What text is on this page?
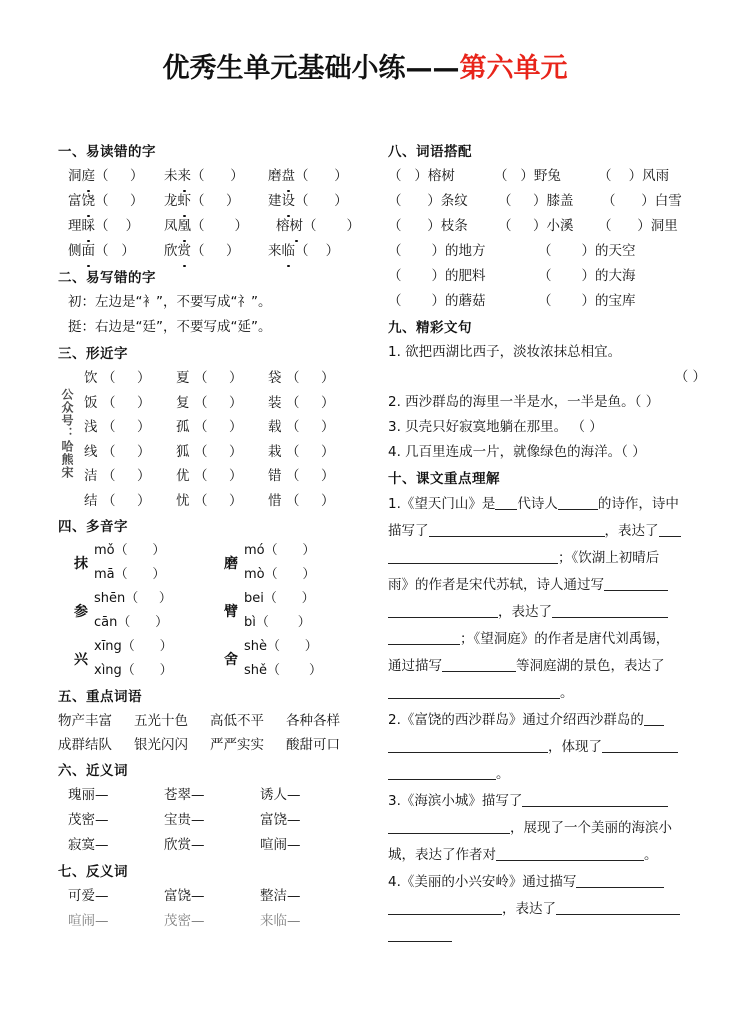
优秀生单元基础小练——第六单元
一、易读错的字
洞 庭 （     ） 未 来 （      ） 磨 盘 （      ）
富 饶 （     ） 龙 虾 （     ） 建 设 （      ）
理 睬 （    ） 凤 凰 （       ） 榕 树 （       ）
侧 面 （   ） 欣 赏 （     ） 来 临 （    ）
二、易写错的字
初：左边是“衤”，不要写成“礻”。
挺：右边是“廷”，不要写成“延”。
三、形近字
公众号：哈熊宋
饮 （     ） 夏 （     ） 袋 （     ）
饭 （     ） 复 （     ） 装 （     ）
浅 （     ） 孤 （     ） 载 （     ）
线 （     ） 狐 （     ） 栽 （     ）
洁 （     ） 优 （     ） 错 （     ）
结 （     ） 忧 （     ） 惜 （     ）
四、多音字
抹
mǒ（      ）
mā（      ）
磨
mó（      ）
mò（      ）
参
shēn（     ）
cān（      ）
臂
bei（      ）
bì（       ）
兴
xīng（      ）
xìng（      ）
舍
shè（      ）
shě（       ）
五、重点词语
物产丰富	五光十色	高低不平	各种各样
成群结队	银光闪闪	严严实实	酸甜可口
六、近义词
瑰丽—	苍翠—	诱人—
茂密—	宝贵—	富饶—
寂寞—	欣赏—	喧闹—
七、反义词
可爱—	富饶—	整洁—
喧闹—	茂密—	来临—
八、词语搭配
（   ） 榕树	（   ） 野兔	（    ） 风雨
（      ） 条纹 （     ） 膝盖 （      ） 白雪
（      ） 枝条 （     ） 小溪 （      ） 洞里
（       ） 的地方	（       ） 的天空
（       ） 的肥料	（       ） 的大海
（       ） 的蘑菇	（       ） 的宝库
九、精彩文句
1. 欲把西湖比西子，淡妆浓抹总相宜。
（ ）
2. 西沙群岛的海里一半是水，一半是鱼。（ ）
3. 贝壳只好寂寞地躺在那里。 （ ）
4. 几百里连成一片，就像绿色的海洋。（ ）
十、课文重点理解

1.《望天门山》是 代诗人	的诗作，诗中

描写了	，表达了

；《饮湖上初晴后

雨》的作者是宋代苏轼，诗人通过写

，表达了

；《望洞庭》的作者是唐代刘禹锡，

通过描写	等洞庭湖的景色，表达了

。

2.《富饶的西沙群岛》通过介绍西沙群岛的

，体现了

。

3.《海滨小城》描写了

，展现了一个美丽的海滨小

城，表达了作者对	。

4.《美丽的小兴安岭》通过描写

，表达了
